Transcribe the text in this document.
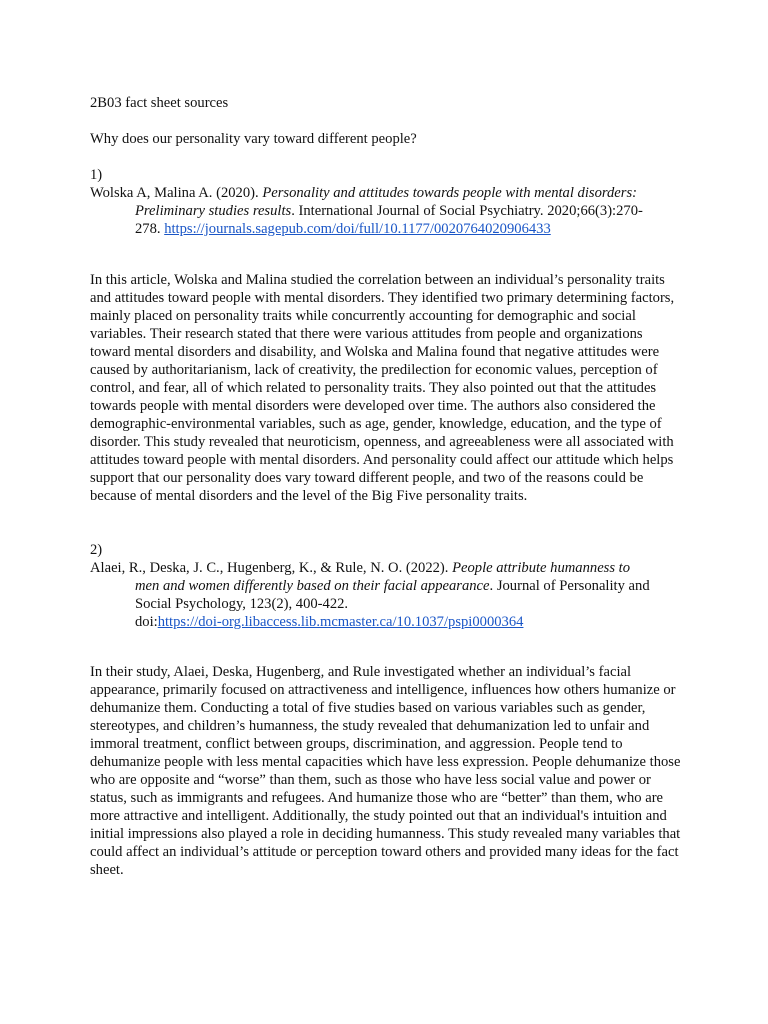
2B03 fact sheet sources
Why does our personality vary toward different people?
1)
Wolska A, Malina A. (2020). Personality and attitudes towards people with mental disorders:
Preliminary studies results. International Journal of Social Psychiatry. 2020;66(3):270-
278. https://journals.sagepub.com/doi/full/10.1177/0020764020906433

In this article, Wolska and Malina studied the correlation between an individual’s personality traits and attitudes toward people with mental disorders. They identified two primary determining factors, mainly placed on personality traits while concurrently accounting for demographic and social variables. Their research stated that there were various attitudes from people and organizations toward mental disorders and disability, and Wolska and Malina found that negative attitudes were caused by authoritarianism, lack of creativity, the predilection for economic values, perception of control, and fear, all of which related to personality traits. They also pointed out that the attitudes towards people with mental disorders were developed over time. The authors also considered the demographic-environmental variables, such as age, gender, knowledge, education, and the type of disorder. This study revealed that neuroticism, openness, and agreeableness were all associated with attitudes toward people with mental disorders. And personality could affect our attitude which helps support that our personality does vary toward different people, and two of the reasons could be because of mental disorders and the level of the Big Five personality traits.

2)
Alaei, R., Deska, J. C., Hugenberg, K., & Rule, N. O. (2022). People attribute humanness to
men and women differently based on their facial appearance. Journal of Personality and
Social Psychology, 123(2), 400-422.
doi:https://doi-org.libaccess.lib.mcmaster.ca/10.1037/pspi0000364

In their study, Alaei, Deska, Hugenberg, and Rule investigated whether an individual’s facial appearance, primarily focused on attractiveness and intelligence, influences how others humanize or dehumanize them. Conducting a total of five studies based on various variables such as gender, stereotypes, and children’s humanness, the study revealed that dehumanization led to unfair and immoral treatment, conflict between groups, discrimination, and aggression. People tend to dehumanize people with less mental capacities which have less expression. People dehumanize those who are opposite and “worse” than them, such as those who have less social value and power or status, such as immigrants and refugees. And humanize those who are “better” than them, who are more attractive and intelligent. Additionally, the study pointed out that an individual's intuition and initial impressions also played a role in deciding humanness. This study revealed many variables that could affect an individual’s attitude or perception toward others and provided many ideas for the fact sheet.
